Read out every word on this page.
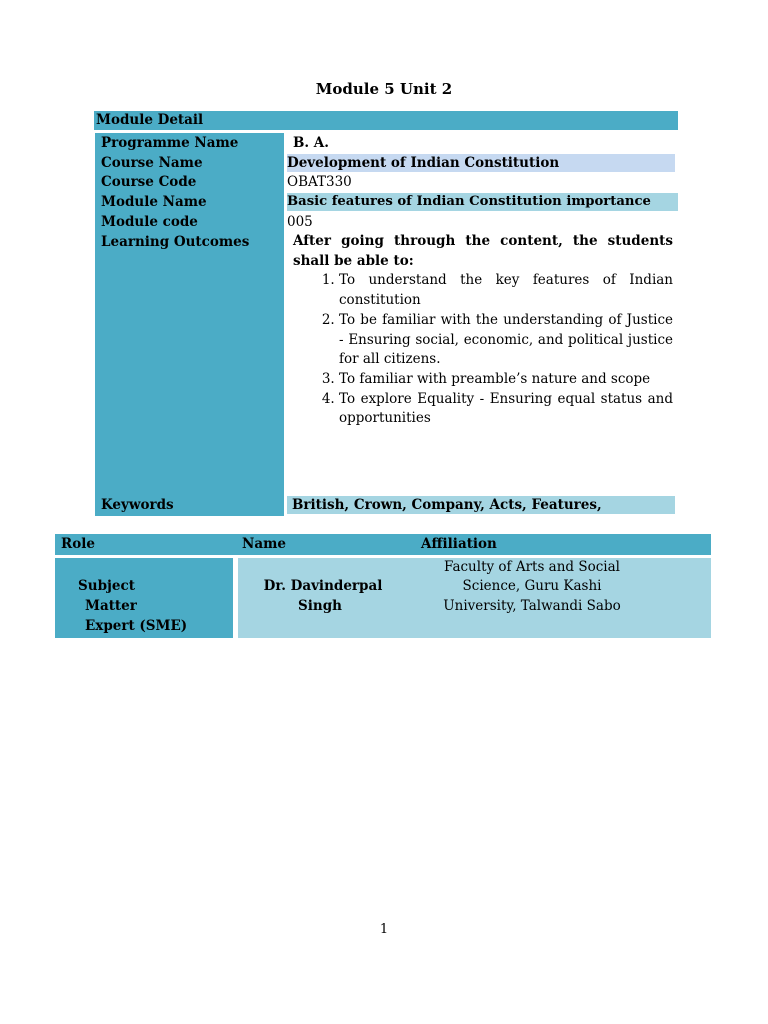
Module 5 Unit 2
Module Detail
Programme Name
Course Name
Course Code
Module Name
Module code
Learning Outcomes
Keywords
B. A.
Development of Indian Constitution
OBAT330
Basic features of Indian Constitution importance
005
After going through the content, the students shall be able to:
1. To understand the key features of Indian constitution
2. To be familiar with the understanding of Justice - Ensuring social, economic, and political justice for all citizens.
3. To familiar with preamble’s nature and scope
4. To explore Equality - Ensuring equal status and opportunities
British, Crown, Company, Acts, Features,
Role	Name	Affiliation
Subject
Matter
Expert (SME)
Dr. Davinderpal
Singh
Faculty of Arts and Social
Science, Guru Kashi
University, Talwandi Sabo
1
